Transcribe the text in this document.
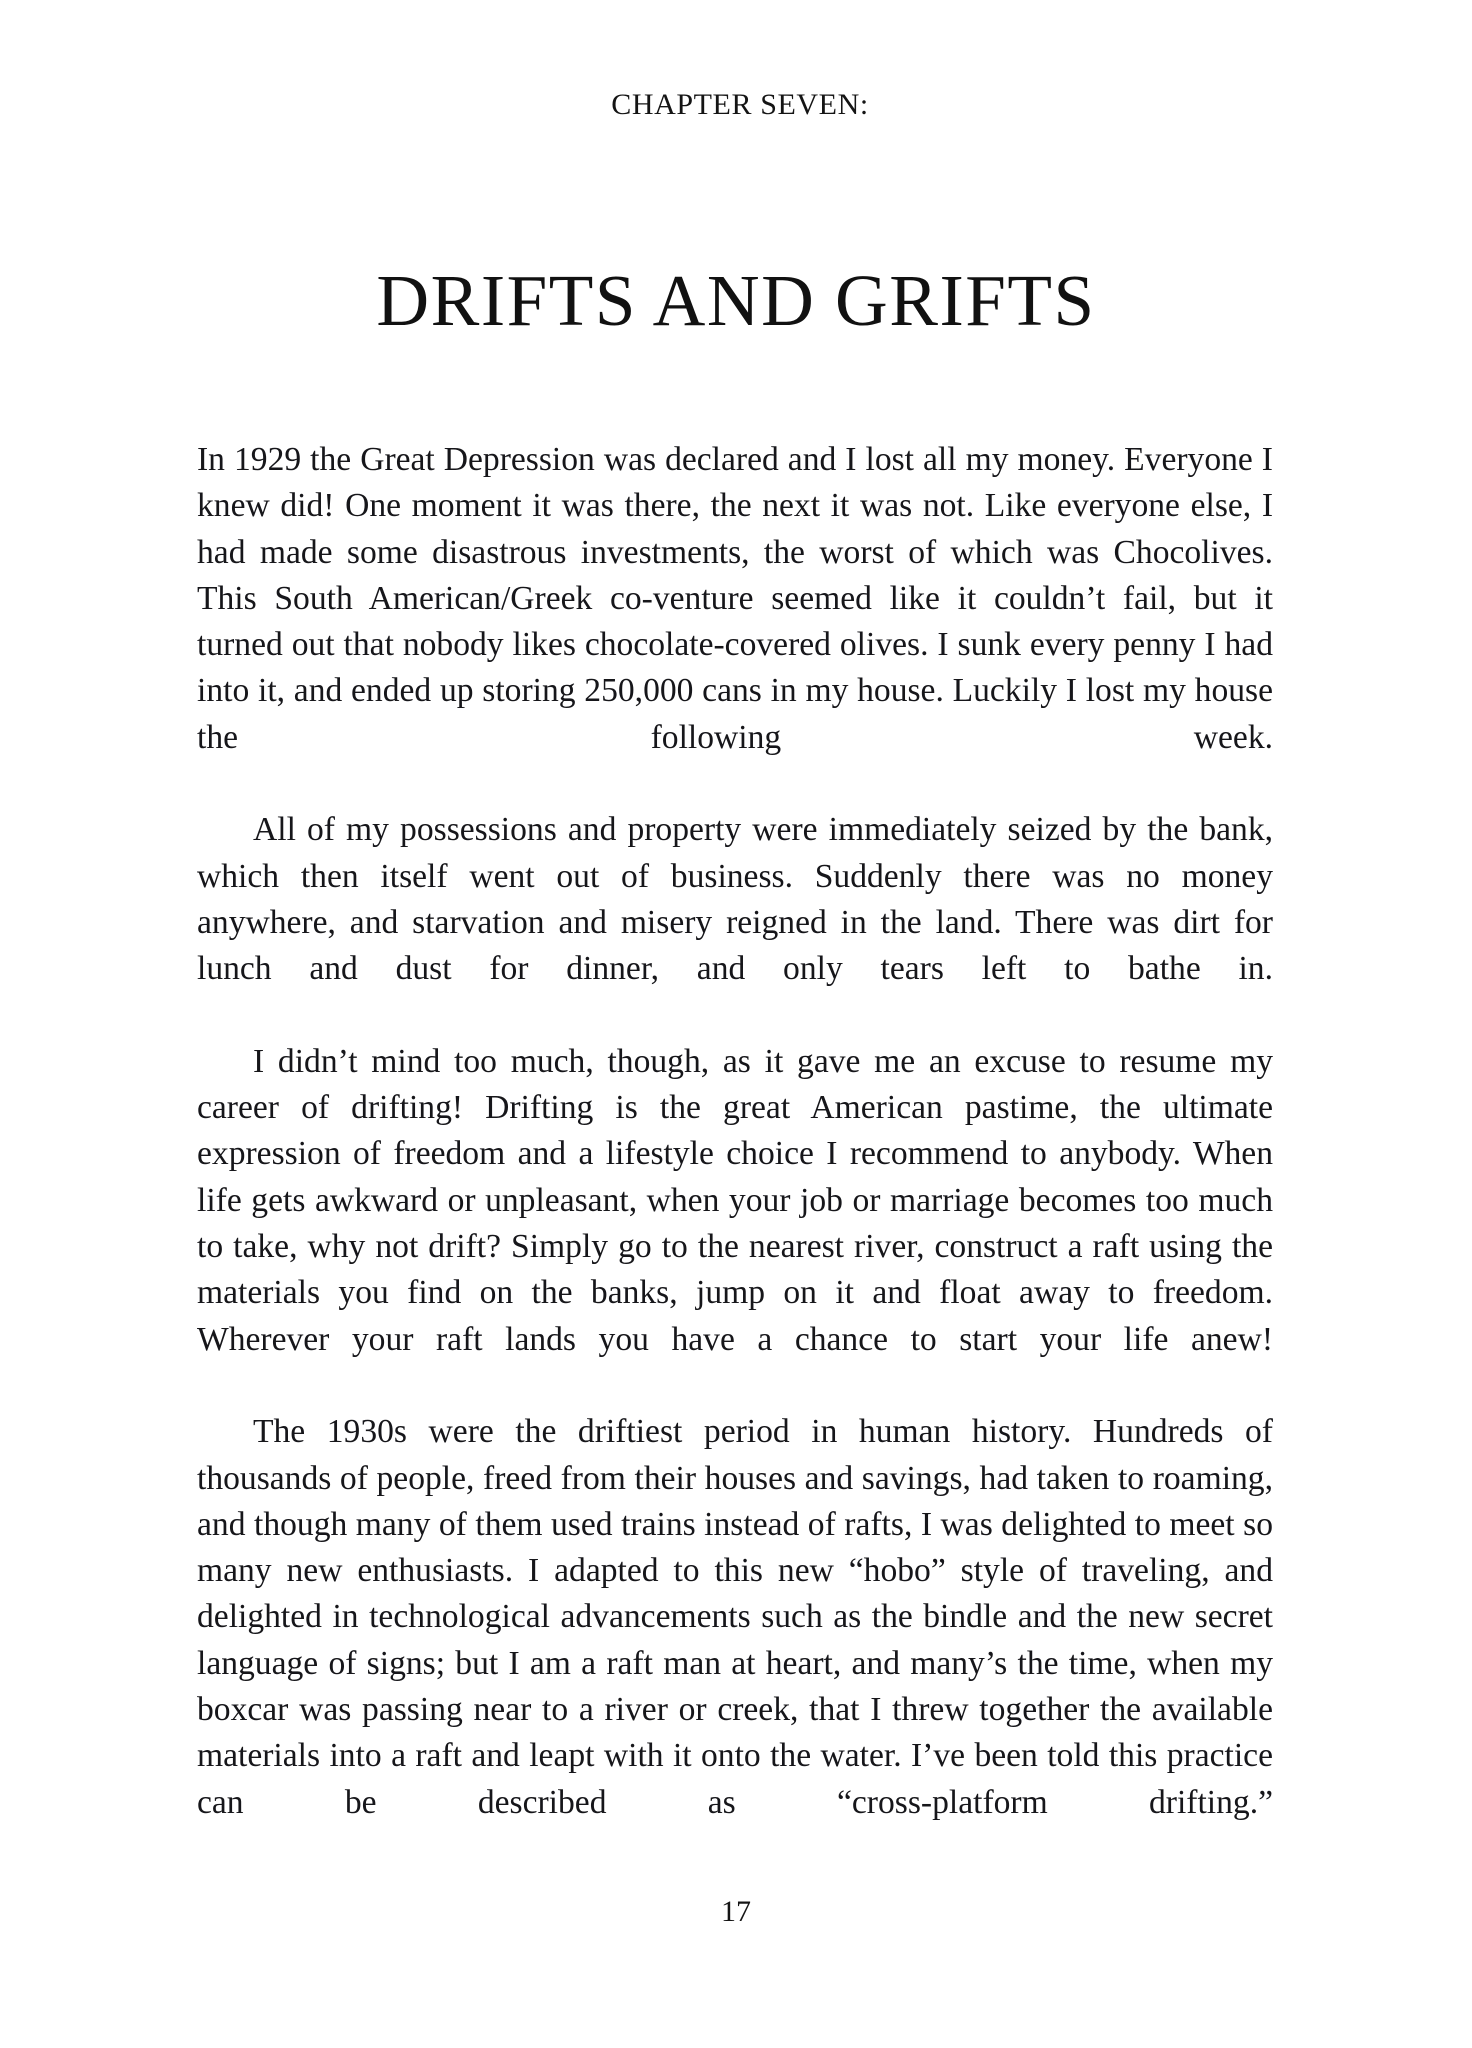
CHAPTER SEVEN:
DRIFTS AND GRIFTS

In 1929 the Great Depression was declared and I lost all my money. Everyone I knew did! One moment it was there, the next it was not. Like everyone else, I had made some disastrous investments, the worst of which was Chocolives. This South American/Greek co-venture seemed like it couldn’t fail, but it turned out that nobody likes chocolate-covered olives. I sunk every penny I had into it, and ended up storing 250,000 cans in my house. Luckily I lost my house the following week.

All of my possessions and property were immediately seized by the bank, which then itself went out of business. Suddenly there was no money anywhere, and starvation and misery reigned in the land. There was dirt for lunch and dust for dinner, and only tears left to bathe in.

I didn’t mind too much, though, as it gave me an excuse to resume my career of drifting! Drifting is the great American pastime, the ultimate expression of freedom and a lifestyle choice I recommend to anybody. When life gets awkward or unpleasant, when your job or marriage becomes too much to take, why not drift? Simply go to the nearest river, construct a raft using the materials you find on the banks, jump on it and float away to freedom. Wherever your raft lands you have a chance to start your life anew!

The 1930s were the driftiest period in human history. Hundreds of thousands of people, freed from their houses and savings, had taken to roaming, and though many of them used trains instead of rafts, I was delighted to meet so many new enthusiasts. I adapted to this new “hobo” style of traveling, and delighted in technological advancements such as the bindle and the new secret language of signs; but I am a raft man at heart, and many’s the time, when my boxcar was passing near to a river or creek, that I threw together the available materials into a raft and leapt with it onto the water. I’ve been told this practice can be described as “cross-platform drifting.”

17
